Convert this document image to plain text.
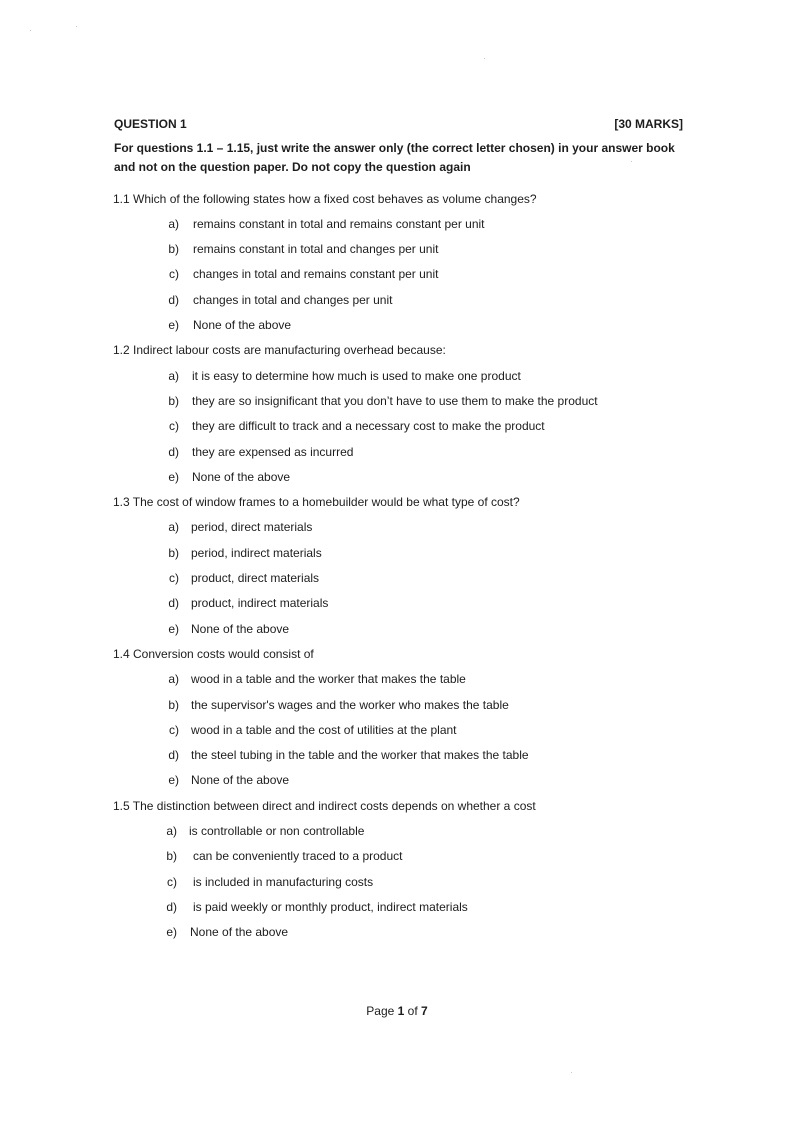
QUESTION 1	[30 MARKS]
For questions 1.1 – 1.15, just write the answer only (the correct letter chosen) in your answer book
and not on the question paper. Do not copy the question again
1.1 Which of the following states how a fixed cost behaves as volume changes?
a) remains constant in total and remains constant per unit
b) remains constant in total and changes per unit
c) changes in total and remains constant per unit
d) changes in total and changes per unit
e) None of the above
1.2 Indirect labour costs are manufacturing overhead because:
a) it is easy to determine how much is used to make one product
b) they are so insignificant that you don’t have to use them to make the product
c) they are difficult to track and a necessary cost to make the product
d) they are expensed as incurred
e) None of the above
1.3 The cost of window frames to a homebuilder would be what type of cost?
a) period, direct materials
b) period, indirect materials
c) product, direct materials
d) product, indirect materials
e) None of the above
1.4 Conversion costs would consist of
a) wood in a table and the worker that makes the table
b) the supervisor's wages and the worker who makes the table
c) wood in a table and the cost of utilities at the plant
d) the steel tubing in the table and the worker that makes the table
e) None of the above
1.5 The distinction between direct and indirect costs depends on whether a cost
a) is controllable or non controllable
b) can be conveniently traced to a product
c) is included in manufacturing costs
d) is paid weekly or monthly product, indirect materials
e) None of the above
Page 1 of 7
